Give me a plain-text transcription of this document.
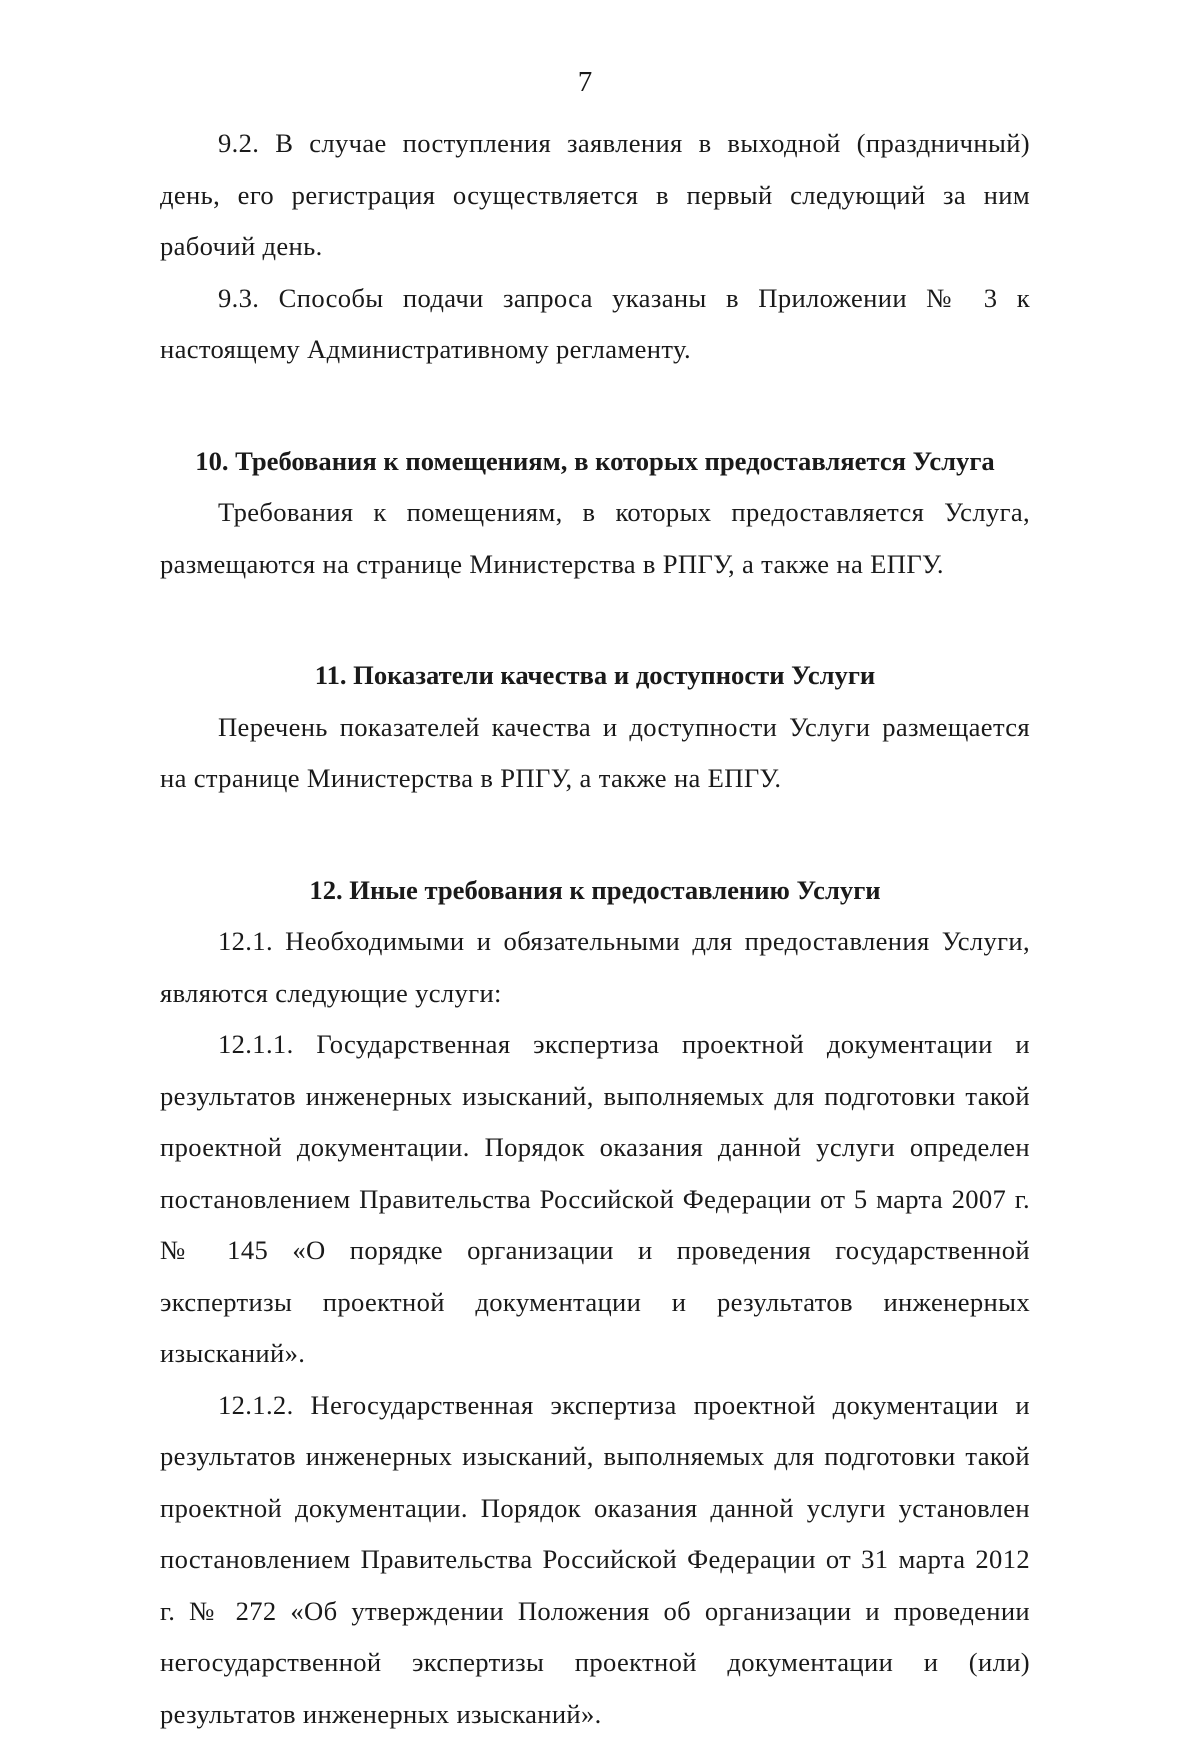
7

9.2. В случае поступления заявления в выходной (праздничный) день, его регистрация осуществляется в первый следующий за ним рабочий день.

9.3. Способы подачи запроса указаны в Приложении № 3 к настоящему Административному регламенту.

10. Требования к помещениям, в которых предоставляется Услуга

Требования к помещениям, в которых предоставляется Услуга, размещаются на странице Министерства в РПГУ, а также на ЕПГУ.

11. Показатели качества и доступности Услуги

Перечень показателей качества и доступности Услуги размещается на странице Министерства в РПГУ, а также на ЕПГУ.

12. Иные требования к предоставлению Услуги

12.1. Необходимыми и обязательными для предоставления Услуги, являются следующие услуги:

12.1.1. Государственная экспертиза проектной документации и результатов инженерных изысканий, выполняемых для подготовки такой проектной документации. Порядок оказания данной услуги определен постановлением Правительства Российской Федерации от 5 марта 2007 г. № 145 «О порядке организации и проведения государственной экспертизы проектной документации и результатов инженерных изысканий».

12.1.2. Негосударственная экспертиза проектной документации и результатов инженерных изысканий, выполняемых для подготовки такой проектной документации. Порядок оказания данной услуги установлен постановлением Правительства Российской Федерации от 31 марта 2012 г. № 272 «Об утверждении Положения об организации и проведении негосударственной экспертизы проектной документации и (или) результатов инженерных изысканий».
